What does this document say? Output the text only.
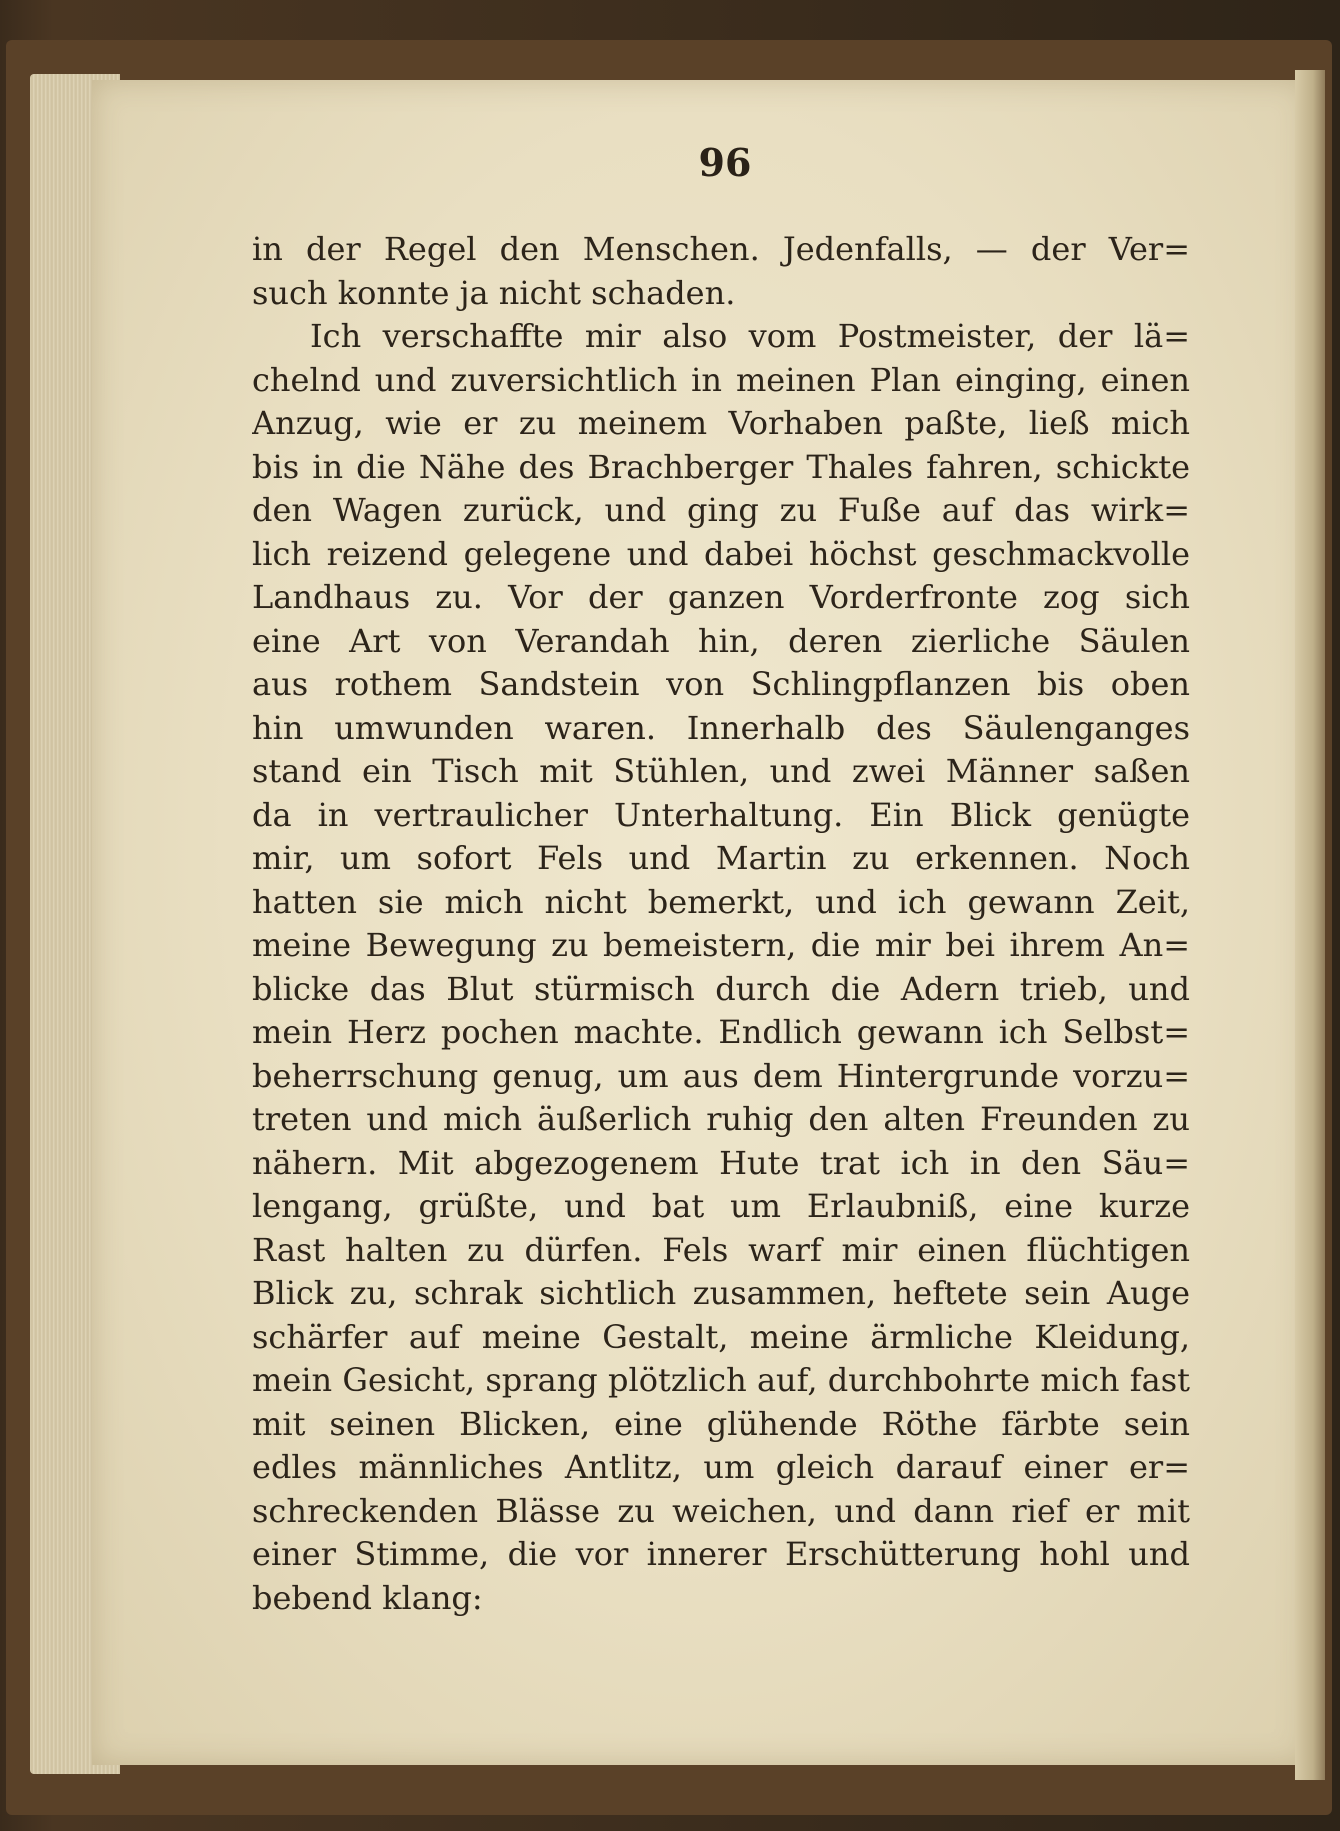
96

in der Regel den Menschen. Jedenfalls, — der Ver=
such konnte ja nicht schaden.
Ich verschaffte mir also vom Postmeister, der lä=
chelnd und zuversichtlich in meinen Plan einging, einen
Anzug, wie er zu meinem Vorhaben paßte, ließ mich
bis in die Nähe des Brachberger Thales fahren, schickte
den Wagen zurück, und ging zu Fuße auf das wirk=
lich reizend gelegene und dabei höchst geschmackvolle
Landhaus zu. Vor der ganzen Vorderfronte zog sich
eine Art von Verandah hin, deren zierliche Säulen
aus rothem Sandstein von Schlingpflanzen bis oben
hin umwunden waren. Innerhalb des Säulenganges
stand ein Tisch mit Stühlen, und zwei Männer saßen
da in vertraulicher Unterhaltung. Ein Blick genügte
mir, um sofort Fels und Martin zu erkennen. Noch
hatten sie mich nicht bemerkt, und ich gewann Zeit,
meine Bewegung zu bemeistern, die mir bei ihrem An=
blicke das Blut stürmisch durch die Adern trieb, und
mein Herz pochen machte. Endlich gewann ich Selbst=
beherrschung genug, um aus dem Hintergrunde vorzu=
treten und mich äußerlich ruhig den alten Freunden zu
nähern. Mit abgezogenem Hute trat ich in den Säu=
lengang, grüßte, und bat um Erlaubniß, eine kurze
Rast halten zu dürfen. Fels warf mir einen flüchtigen
Blick zu, schrak sichtlich zusammen, heftete sein Auge
schärfer auf meine Gestalt, meine ärmliche Kleidung,
mein Gesicht, sprang plötzlich auf, durchbohrte mich fast
mit seinen Blicken, eine glühende Röthe färbte sein
edles männliches Antlitz, um gleich darauf einer er=
schreckenden Blässe zu weichen, und dann rief er mit
einer Stimme, die vor innerer Erschütterung hohl und
bebend klang:
